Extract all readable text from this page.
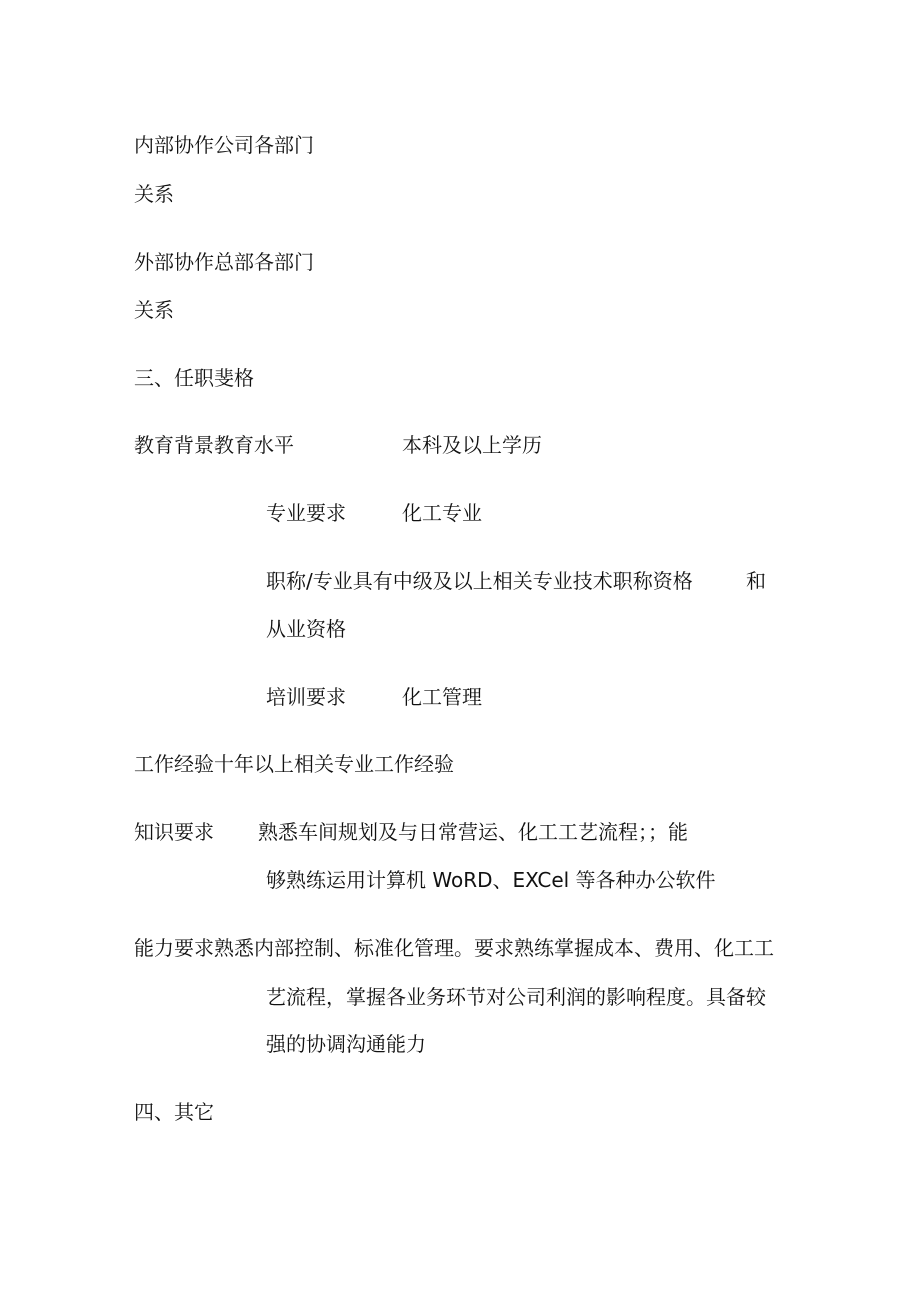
内部协作公司各部门

关系

外部协作总部各部门

关系

三、任职斐格

教育背景教育水平	本科及以上学历

专业要求	化工专业

职称/专业具有中级及以上相关专业技术职称资格	和

从业资格

培训要求	化工管理

工作经验十年以上相关专业工作经验

知识要求 熟悉车间规划及与日常营运、化工工艺流程；；能

够熟练运用计算机 WoRD、EXCel 等各种办公软件

能力要求熟悉内部控制、标准化管理。要求熟练掌握成本、费用、化工工

艺流程，掌握各业务环节对公司利润的影响程度。具备较

强的协调沟通能力

四、其它
